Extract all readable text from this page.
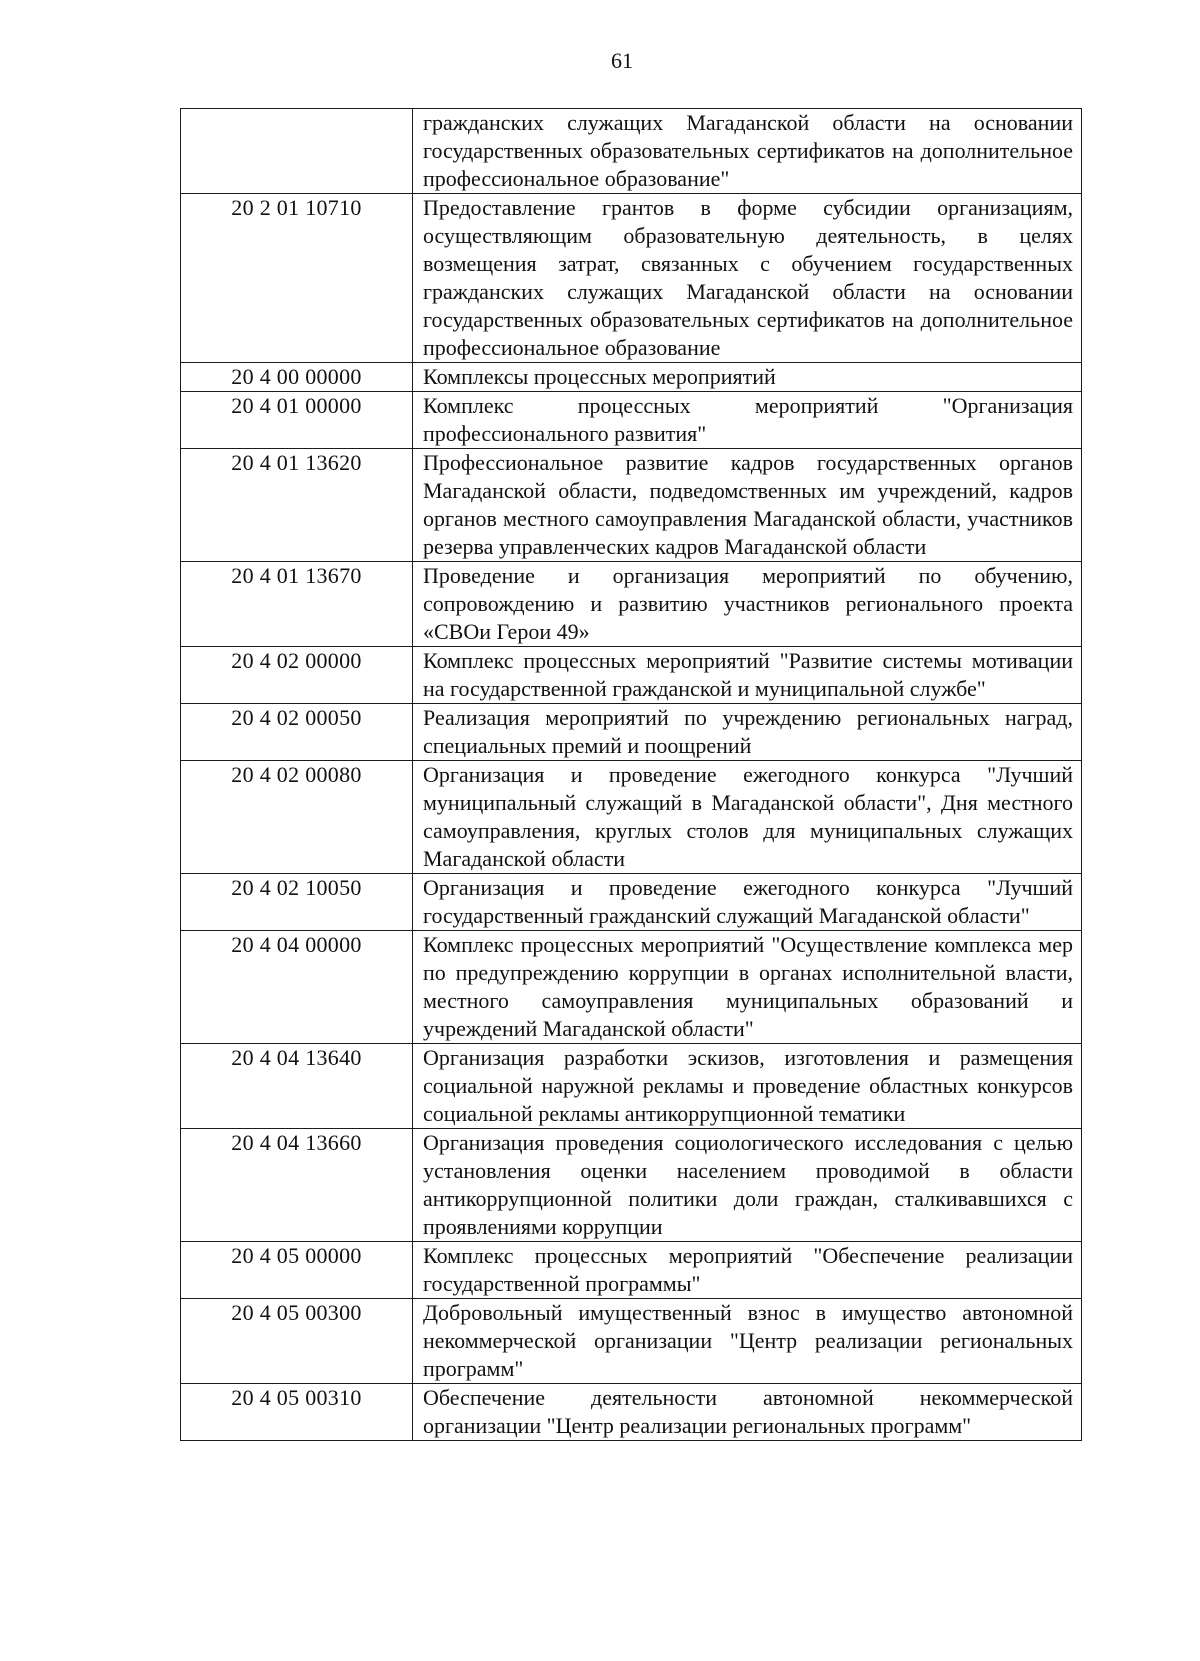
61
	гражданских служащих Магаданской области на основании государственных образовательных сертификатов на дополнительное профессиональное образование"
20 2 01 10710	Предоставление грантов в форме субсидии организациям, осуществляющим образовательную деятельность, в целях возмещения затрат, связанных с обучением государственных гражданских служащих Магаданской области на основании государственных образовательных сертификатов на дополнительное профессиональное образование
20 4 00 00000	Комплексы процессных мероприятий
20 4 01 00000	Комплекс процессных мероприятий "Организация профессионального развития"
20 4 01 13620	Профессиональное развитие кадров государственных органов Магаданской области, подведомственных им учреждений, кадров органов местного самоуправления Магаданской области, участников резерва управленческих кадров Магаданской области
20 4 01 13670	Проведение и организация мероприятий по обучению, сопровождению и развитию участников регионального проекта «СВОи Герои 49»
20 4 02 00000	Комплекс процессных мероприятий "Развитие системы мотивации на государственной гражданской и муниципальной службе"
20 4 02 00050	Реализация мероприятий по учреждению региональных наград, специальных премий и поощрений
20 4 02 00080	Организация и проведение ежегодного конкурса "Лучший муниципальный служащий в Магаданской области", Дня местного самоуправления, круглых столов для муниципальных служащих Магаданской области
20 4 02 10050	Организация и проведение ежегодного конкурса "Лучший государственный гражданский служащий Магаданской области"
20 4 04 00000	Комплекс процессных мероприятий "Осуществление комплекса мер по предупреждению коррупции в органах исполнительной власти, местного самоуправления муниципальных образований и учреждений Магаданской области"
20 4 04 13640	Организация разработки эскизов, изготовления и размещения социальной наружной рекламы и проведение областных конкурсов социальной рекламы антикоррупционной тематики
20 4 04 13660	Организация проведения социологического исследования с целью установления оценки населением проводимой в области антикоррупционной политики доли граждан, сталкивавшихся с проявлениями коррупции
20 4 05 00000	Комплекс процессных мероприятий "Обеспечение реализации государственной программы"
20 4 05 00300	Добровольный имущественный взнос в имущество автономной некоммерческой организации "Центр реализации региональных программ"
20 4 05 00310	Обеспечение деятельности автономной некоммерческой организации "Центр реализации региональных программ"
